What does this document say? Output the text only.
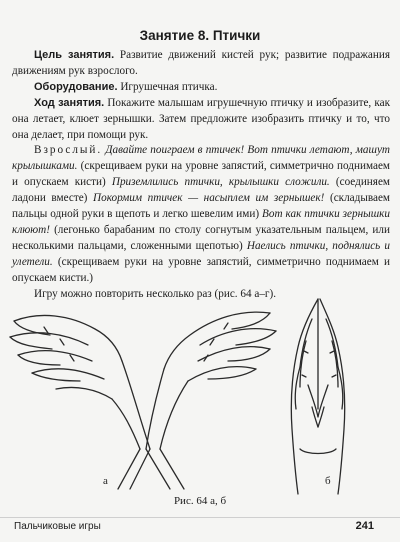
Занятие 8. Птички

Цель занятия. Развитие движений кистей рук; развитие подражания движениям рук взрослого.

Оборудование. Игрушечная птичка.

Ход занятия. Покажите малышам игрушечную птичку и изобразите, как она летает, клюет зернышки. Затем предложите изобразить птичку и то, что она делает, при помощи рук.

Взрослый. Давайте поиграем в птичек! Вот птички летают, машут крылышками. (скрещиваем руки на уровне запястий, симметрично поднимаем и опускаем кисти) Приземлились птички, крылышки сложили. (соединяем ладони вместе) Покормим птичек — насыплем им зернышек! (складываем пальцы одной руки в щепоть и легко шевелим ими) Вот как птички зернышки клюют! (легонько барабаним по столу согнутым указательным пальцем, или несколькими пальцами, сложенными щепотью) Наелись птички, поднялись и улетели. (скрещиваем руки на уровне запястий, симметрично поднимаем и опускаем кисти.)

Игру можно повторить несколько раз (рис. 64 а–г).

а	б
Рис. 64 а, б
Пальчиковые игры	241
